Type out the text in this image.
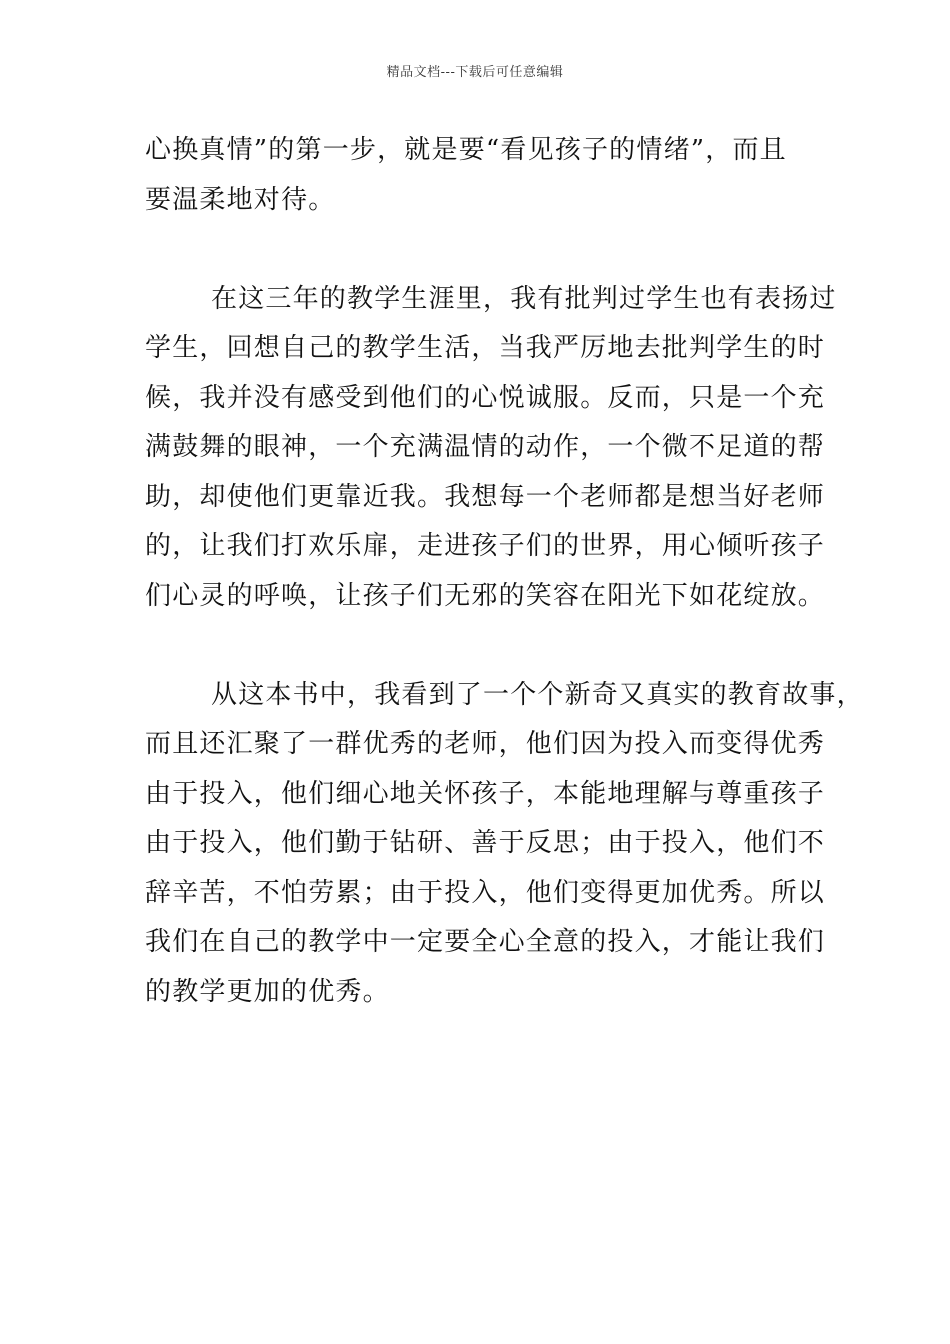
精品文档---下载后可任意编辑
心换真情”的第一步，就是要“看见孩子的情绪”，而且
要温柔地对待。
在这三年的教学生涯里，我有批判过学生也有表扬过
学生，回想自己的教学生活，当我严厉地去批判学生的时
候，我并没有感受到他们的心悦诚服。反而，只是一个充
满鼓舞的眼神，一个充满温情的动作，一个微不足道的帮
助，却使他们更靠近我。我想每一个老师都是想当好老师
的，让我们打欢乐扉，走进孩子们的世界，用心倾听孩子
们心灵的呼唤，让孩子们无邪的笑容在阳光下如花绽放。
从这本书中，我看到了一个个新奇又真实的教育故事，
而且还汇聚了一群优秀的老师，他们因为投入而变得优秀
由于投入，他们细心地关怀孩子，本能地理解与尊重孩子
由于投入，他们勤于钻研、善于反思；由于投入，他们不
辞辛苦，不怕劳累；由于投入，他们变得更加优秀。所以
我们在自己的教学中一定要全心全意的投入，才能让我们
的教学更加的优秀。
